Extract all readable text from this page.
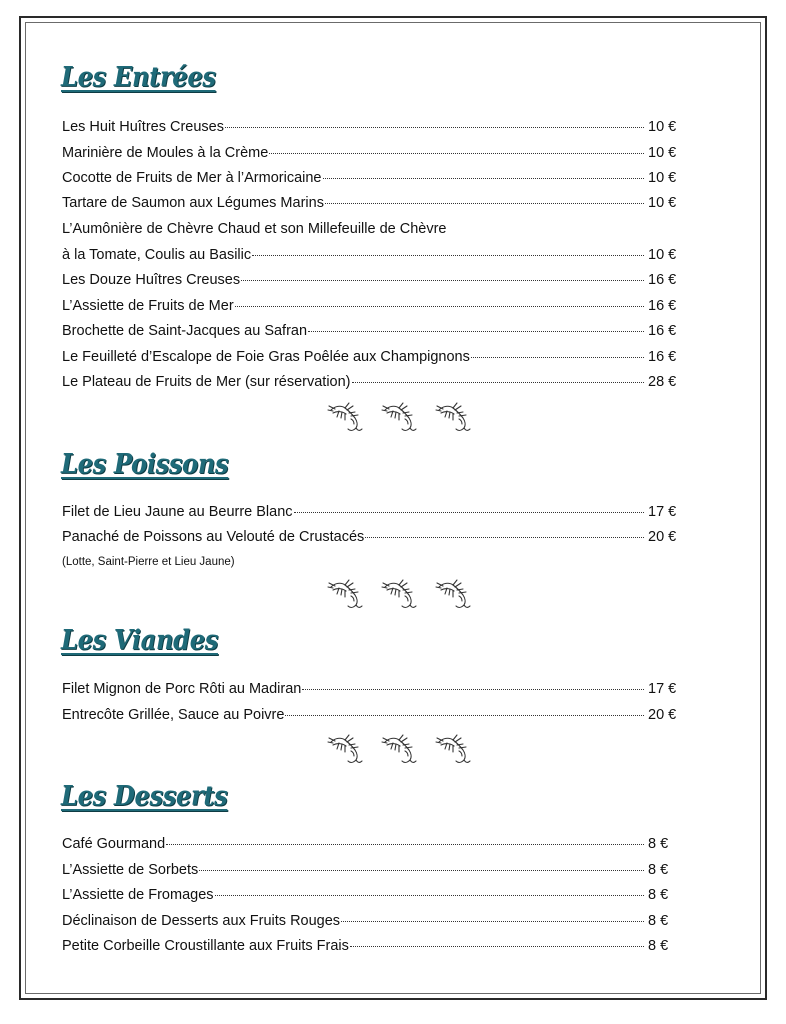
Les Entrées
Les Huit Huîtres Creuses	10 €
Marinière de Moules à la Crème	10 €
Cocotte de Fruits de Mer à l’Armoricaine	10 €
Tartare de Saumon aux Légumes Marins	10 €
L’Aumônière de Chèvre Chaud et son Millefeuille de Chèvre
à la Tomate, Coulis au Basilic	10 €
Les Douze Huîtres Creuses	16 €
L’Assiette de Fruits de Mer	16 €
Brochette de Saint-Jacques au Safran	16 €
Le Feuilleté d’Escalope de Foie Gras Poêlée aux Champignons	16 €
Le Plateau de Fruits de Mer (sur réservation)	28 €
Les Poissons
Filet de Lieu Jaune au Beurre Blanc	17 €
Panaché de Poissons au Velouté de Crustacés	20 €
(Lotte, Saint-Pierre et Lieu Jaune)
Les Viandes
Filet Mignon de Porc Rôti au Madiran	17 €
Entrecôte Grillée, Sauce au Poivre	20 €
Les Desserts
Café Gourmand	8 €
L’Assiette de Sorbets	8 €
L’Assiette de Fromages	8 €
Déclinaison de Desserts aux Fruits Rouges	8 €
Petite Corbeille Croustillante aux Fruits Frais	8 €
